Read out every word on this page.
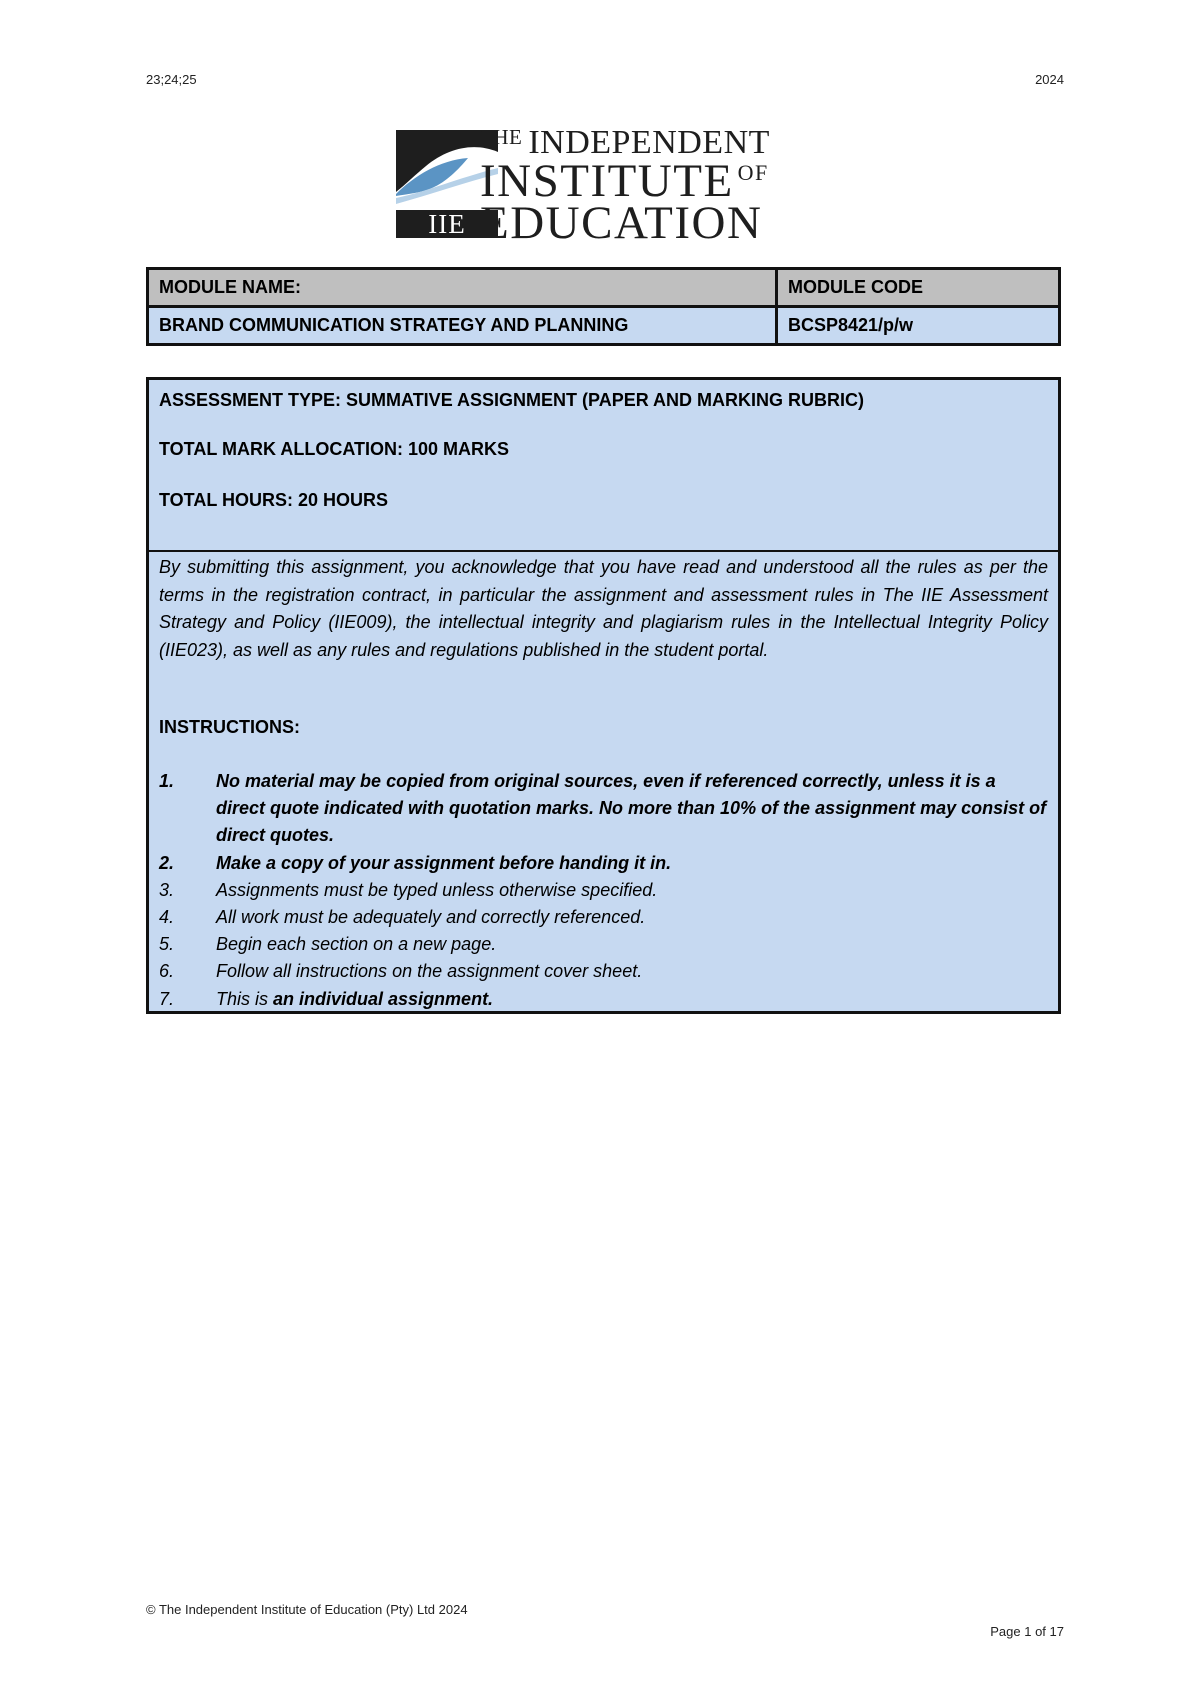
23;24;25	2024
IIE
$^{THE}$ INDEPENDENT
INSTITUTE $^{OF}$
EDUCATION
MODULE NAME:	MODULE CODE
BRAND COMMUNICATION STRATEGY AND PLANNING	BCSP8421/p/w

ASSESSMENT TYPE: SUMMATIVE ASSIGNMENT (PAPER AND MARKING RUBRIC)

TOTAL MARK ALLOCATION: 100 MARKS

TOTAL HOURS: 20 HOURS

By submitting this assignment, you acknowledge that you have read and understood all the rules as per the terms in the registration contract, in particular the assignment and assessment rules in The IIE Assessment Strategy and Policy (IIE009), the intellectual integrity and plagiarism rules in the Intellectual Integrity Policy (IIE023), as well as any rules and regulations published in the student portal.

INSTRUCTIONS:
1. No material may be copied from original sources, even if referenced correctly, unless it is a direct quote indicated with quotation marks. No more than 10% of the assignment may consist of direct quotes.
2. Make a copy of your assignment before handing it in.
3. Assignments must be typed unless otherwise specified.
4. All work must be adequately and correctly referenced.
5. Begin each section on a new page.
6. Follow all instructions on the assignment cover sheet.
7. This is an individual assignment.
© The Independent Institute of Education (Pty) Ltd 2024
Page 1 of 17
